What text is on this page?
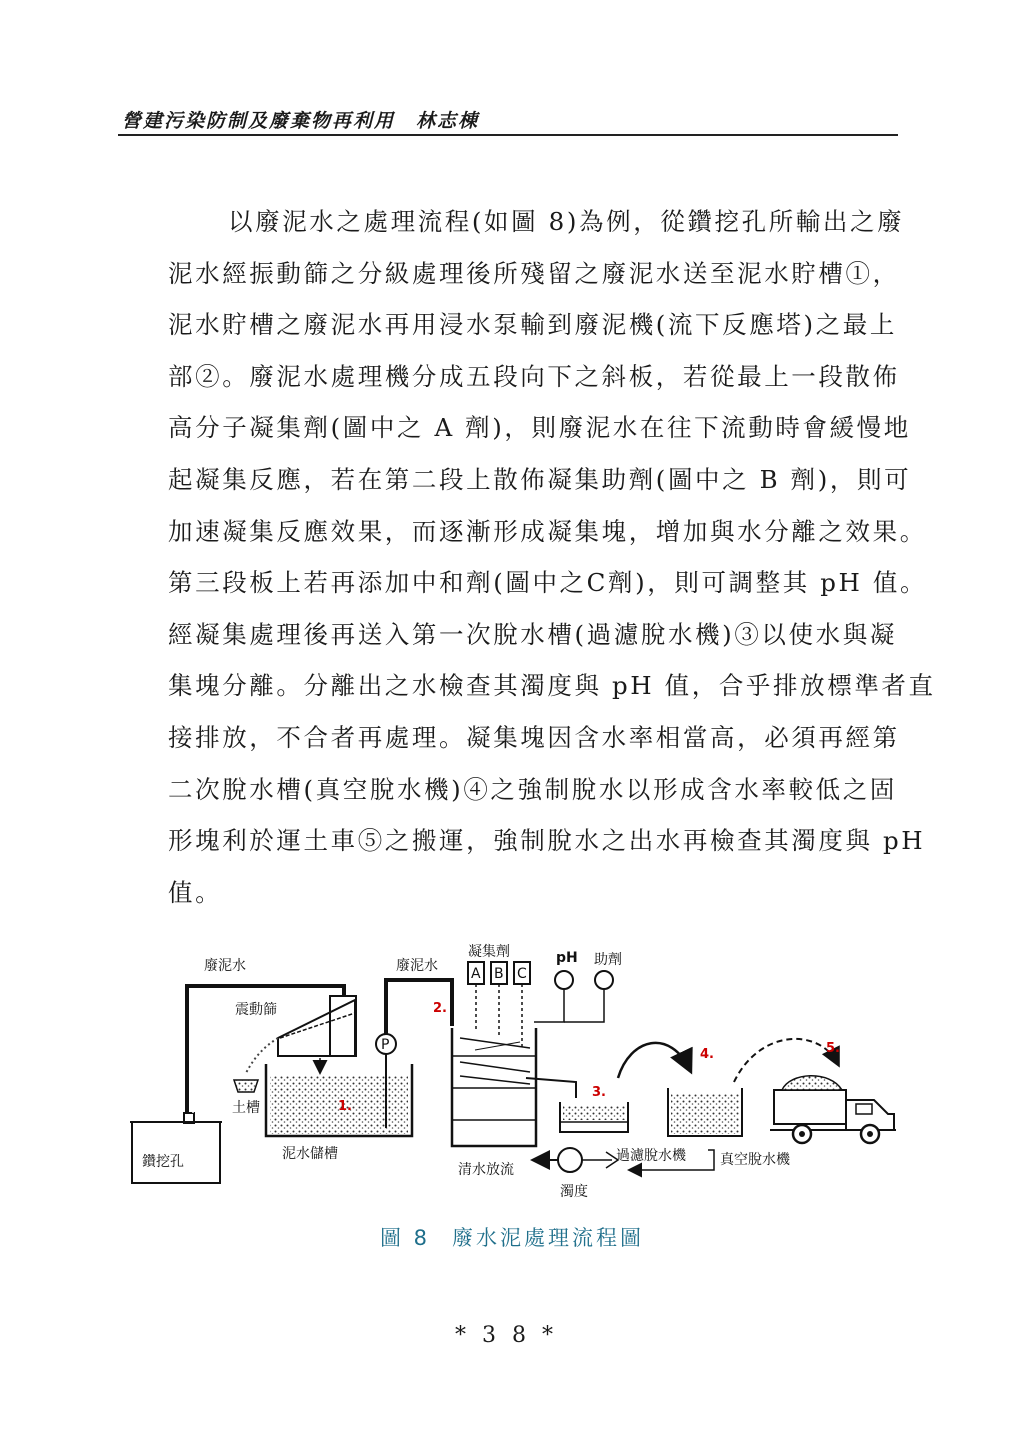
營建污染防制及廢棄物再利用　林志棟
以廢泥水之處理流程(如圖 8)為例，從鑽挖孔所輸出之廢
泥水經振動篩之分級處理後所殘留之廢泥水送至泥水貯槽①，
泥水貯槽之廢泥水再用浸水泵輸到廢泥機(流下反應塔)之最上
部②。廢泥水處理機分成五段向下之斜板，若從最上一段散佈
高分子凝集劑(圖中之 A 劑)，則廢泥水在往下流動時會緩慢地
起凝集反應，若在第二段上散佈凝集助劑(圖中之 B 劑)，則可
加速凝集反應效果，而逐漸形成凝集塊，增加與水分離之效果。
第三段板上若再添加中和劑(圖中之C劑)，則可調整其 pH 值。
經凝集處理後再送入第一次脫水槽(過濾脫水機)③以使水與凝
集塊分離。分離出之水檢查其濁度與 pH 值，合乎排放標準者直
接排放，不合者再處理。凝集塊因含水率相當高，必須再經第
二次脫水槽(真空脫水機)④之強制脫水以形成含水率較低之固
形塊利於運土車⑤之搬運，強制脫水之出水再檢查其濁度與 pH
值。
鑽挖孔
廢泥水
震動篩
土槽	1.
泥水儲槽
P
廢泥水
凝集劑
A B C
pH 助劑
2.
3.
過濾脫水機
清水放流
濁度
真空脫水機
4.	5.
圖 8 廢水泥處理流程圖
*38*
